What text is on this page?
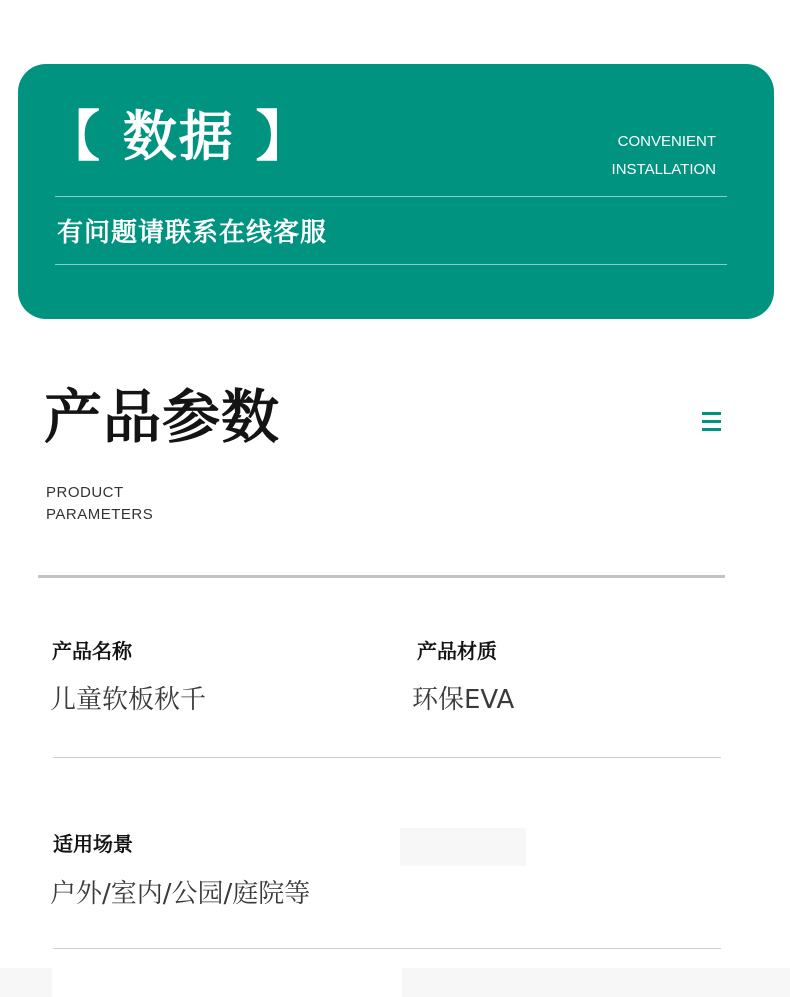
【 数据 】	CONVENIENT
INSTALLATION
有问题请联系在线客服
产品参数
PRODUCT
PARAMETERS
产品名称
儿童软板秋千
产品材质
环保EVA
适用场景
户外/室内/公园/庭院等
